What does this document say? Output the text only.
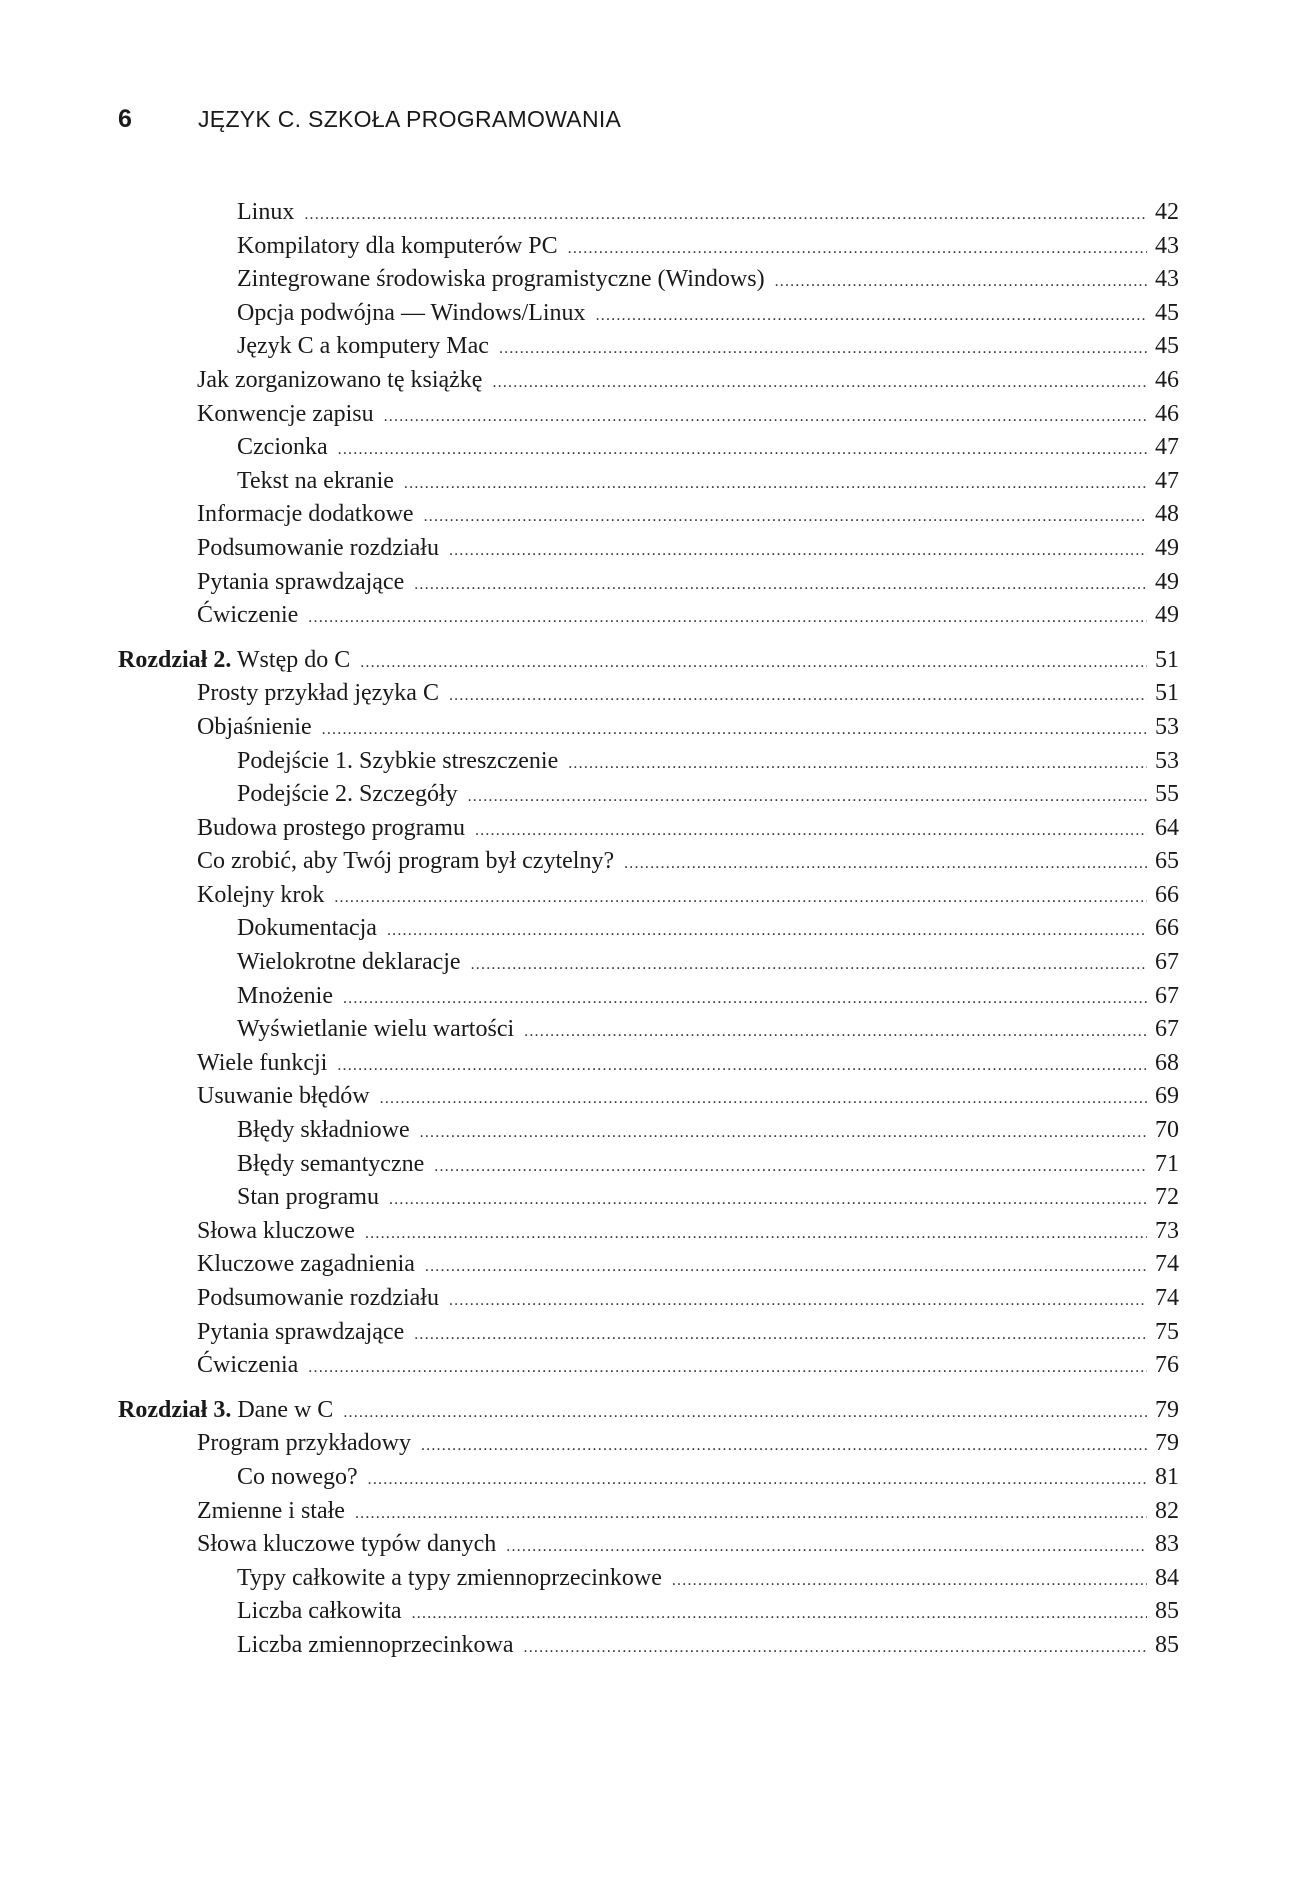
6	JĘZYK C. SZKOŁA PROGRAMOWANIA
Linux .....	42
Kompilatory dla komputerów PC .....	43
Zintegrowane środowiska programistyczne (Windows) .....	43
Opcja podwójna — Windows/Linux .....	45
Język C a komputery Mac .....	45
Jak zorganizowano tę książkę .....	46
Konwencje zapisu .....	46
Czcionka .....	47
Tekst na ekranie .....	47
Informacje dodatkowe .....	48
Podsumowanie rozdziału .....	49
Pytania sprawdzające .....	49
Ćwiczenie .....	49
Rozdział 2. Wstęp do C .....	51
Prosty przykład języka C .....	51
Objaśnienie .....	53
Podejście 1. Szybkie streszczenie .....	53
Podejście 2. Szczegóły .....	55
Budowa prostego programu .....	64
Co zrobić, aby Twój program był czytelny? .....	65
Kolejny krok .....	66
Dokumentacja .....	66
Wielokrotne deklaracje .....	67
Mnożenie .....	67
Wyświetlanie wielu wartości .....	67
Wiele funkcji .....	68
Usuwanie błędów .....	69
Błędy składniowe .....	70
Błędy semantyczne .....	71
Stan programu .....	72
Słowa kluczowe .....	73
Kluczowe zagadnienia .....	74
Podsumowanie rozdziału .....	74
Pytania sprawdzające .....	75
Ćwiczenia .....	76
Rozdział 3. Dane w C .....	79
Program przykładowy .....	79
Co nowego? .....	81
Zmienne i stałe .....	82
Słowa kluczowe typów danych .....	83
Typy całkowite a typy zmiennoprzecinkowe .....	84
Liczba całkowita .....	85
Liczba zmiennoprzecinkowa .....	85
